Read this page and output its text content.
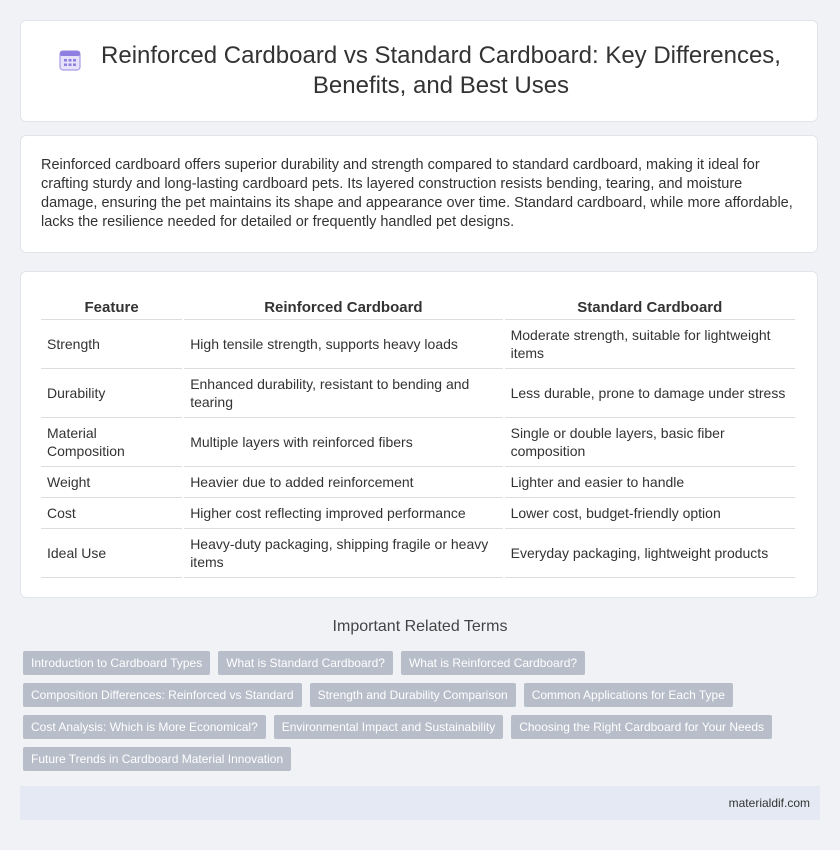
Reinforced Cardboard vs Standard Cardboard: Key Differences,
Benefits, and Best Uses

Reinforced cardboard offers superior durability and strength compared to standard cardboard, making it ideal for crafting sturdy and long-lasting cardboard pets. Its layered construction resists bending, tearing, and moisture damage, ensuring the pet maintains its shape and appearance over time. Standard cardboard, while more affordable, lacks the resilience needed for detailed or frequently handled pet designs.

Feature	Reinforced Cardboard	Standard Cardboard
Strength	High tensile strength, supports heavy loads	Moderate strength, suitable for lightweight items
Durability	Enhanced durability, resistant to bending and tearing	Less durable, prone to damage under stress
Material Composition	Multiple layers with reinforced fibers	Single or double layers, basic fiber composition
Weight	Heavier due to added reinforcement	Lighter and easier to handle
Cost	Higher cost reflecting improved performance	Lower cost, budget-friendly option
Ideal Use	Heavy-duty packaging, shipping fragile or heavy items	Everyday packaging, lightweight products
Important Related Terms
Introduction to Cardboard Types	What is Standard Cardboard?	What is Reinforced Cardboard?
Composition Differences: Reinforced vs Standard	Strength and Durability Comparison	Common Applications for Each Type
Cost Analysis: Which is More Economical?	Environmental Impact and Sustainability	Choosing the Right Cardboard for Your Needs
Future Trends in Cardboard Material Innovation
materialdif.com
